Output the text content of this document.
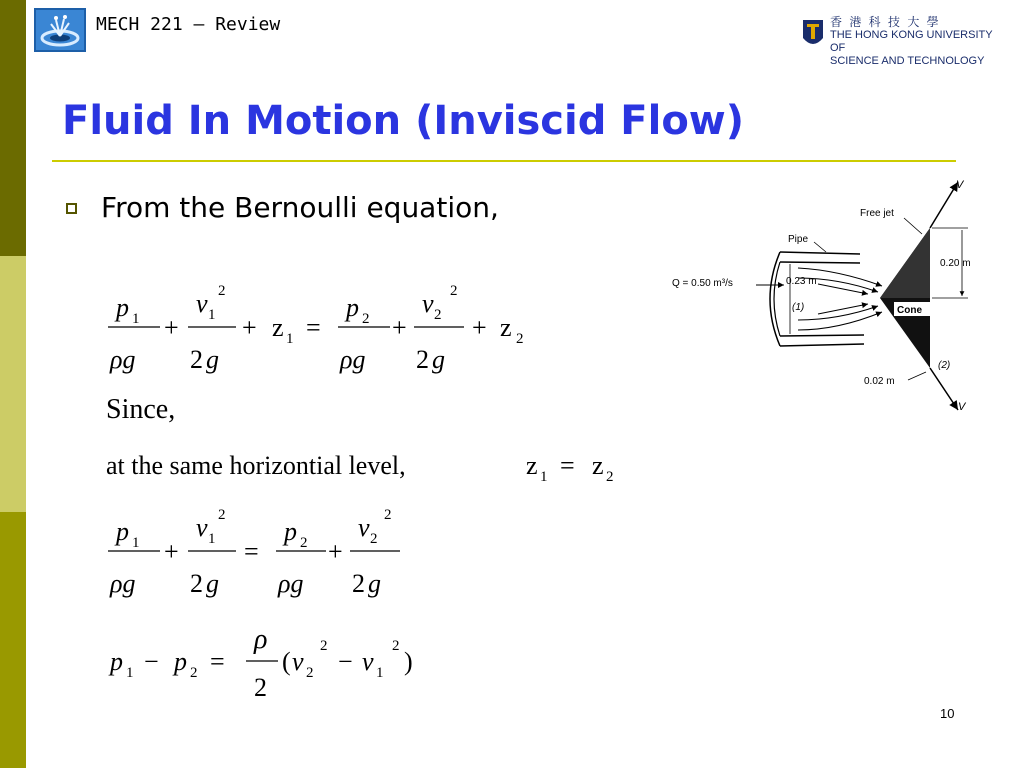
MECH 221 – Review	香 港 科 技 大 學
THE HONG KONG UNIVERSITY OF
SCIENCE AND TECHNOLOGY
Fluid In Motion (Inviscid Flow)
From the Bernoulli equation,
p 1
ρg
+
v 1
2
2 g
+ z 1 =
p 2
ρg
+
v 2
2
2 g
+ z 2
Since,
at the same horizontial level,	z 1 = z 2
p 1
ρg
+
v 1
2
2 g
=
p 2
ρg
+
v 2
2
2 g
p 1 − p 2 =
ρ
2
( v 2
2
− v 1
2
)
Cone
V
V
0.20 m
Free jet
Pipe
Q = 0.50 m³/s	0.23 m
(1)
(2)
0.02 m
10
